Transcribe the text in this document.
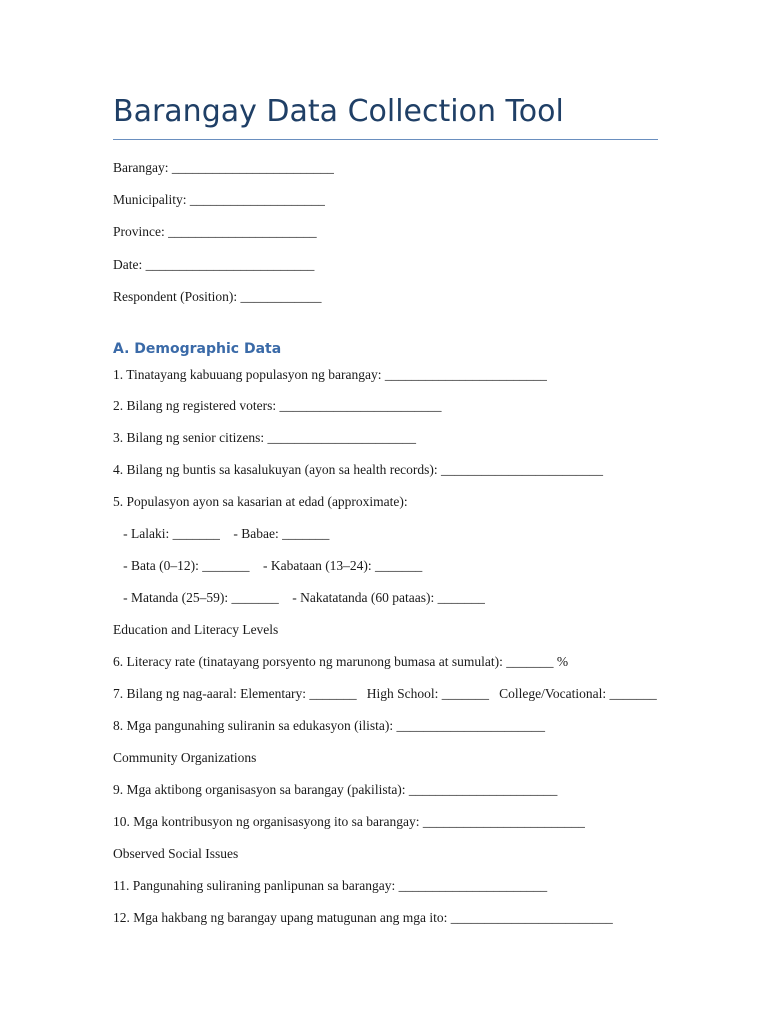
Barangay Data Collection Tool
Barangay: ________________________
Municipality: ____________________
Province: ______________________
Date: _________________________
Respondent (Position): ____________
A. Demographic Data
1. Tinatayang kabuuang populasyon ng barangay: ________________________
2. Bilang ng registered voters: ________________________
3. Bilang ng senior citizens: ______________________
4. Bilang ng buntis sa kasalukuyan (ayon sa health records): ________________________
5. Populasyon ayon sa kasarian at edad (approximate):
- Lalaki: _______    - Babae: _______
- Bata (0–12): _______    - Kabataan (13–24): _______
- Matanda (25–59): _______    - Nakatatanda (60 pataas): _______
Education and Literacy Levels
6. Literacy rate (tinatayang porsyento ng marunong bumasa at sumulat): _______ %
7. Bilang ng nag-aaral: Elementary: _______   High School: _______   College/Vocational: _______
8. Mga pangunahing suliranin sa edukasyon (ilista): ______________________
Community Organizations
9. Mga aktibong organisasyon sa barangay (pakilista): ______________________
10. Mga kontribusyon ng organisasyong ito sa barangay: ________________________
Observed Social Issues
11. Pangunahing suliraning panlipunan sa barangay: ______________________
12. Mga hakbang ng barangay upang matugunan ang mga ito: ________________________
